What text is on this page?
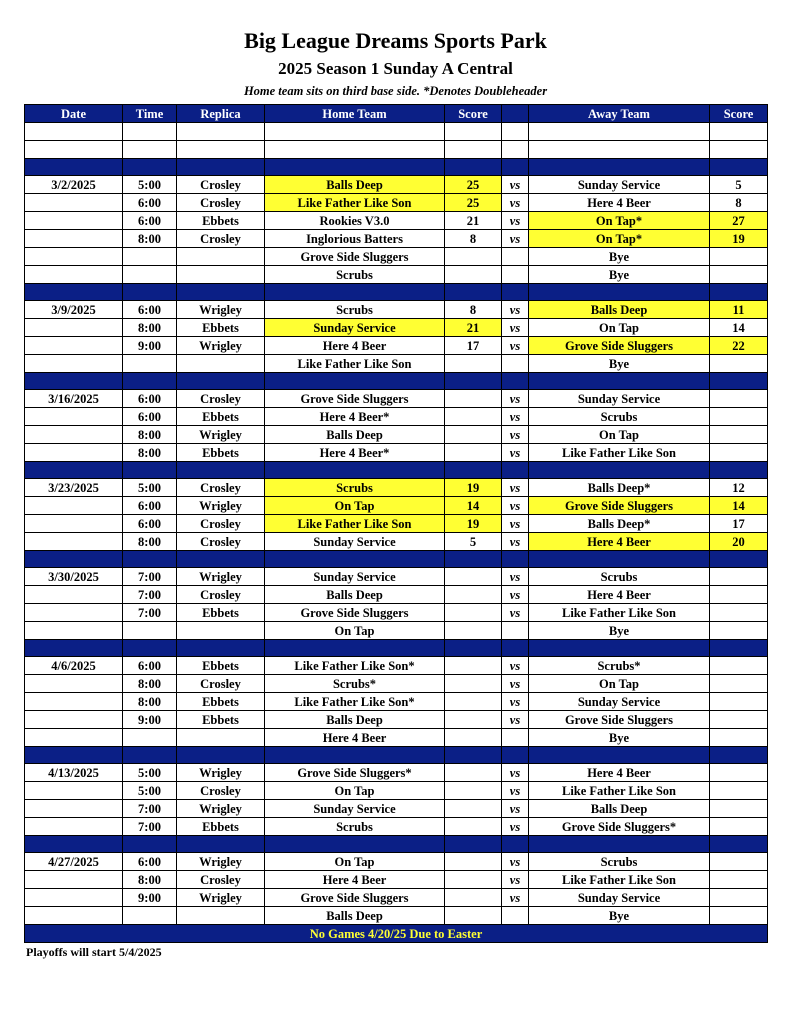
Big League Dreams Sports Park
2025 Season 1 Sunday A Central
Home team sits on third base side. *Denotes Doubleheader
Date	Time	Replica	Home Team	Score		Away Team	Score

3/2/2025	5:00	Crosley	Balls Deep	25	vs	Sunday Service	5
	6:00	Crosley	Like Father Like Son	25	vs	Here 4 Beer	8
	6:00	Ebbets	Rookies V3.0	21	vs	On Tap*	27
	8:00	Crosley	Inglorious Batters	8	vs	On Tap*	19
			Grove Side Sluggers			Bye	
			Scrubs			Bye	

3/9/2025	6:00	Wrigley	Scrubs	8	vs	Balls Deep	11
	8:00	Ebbets	Sunday Service	21	vs	On Tap	14
	9:00	Wrigley	Here 4 Beer	17	vs	Grove Side Sluggers	22
			Like Father Like Son			Bye	

3/16/2025	6:00	Crosley	Grove Side Sluggers		vs	Sunday Service	
	6:00	Ebbets	Here 4 Beer*		vs	Scrubs	
	8:00	Wrigley	Balls Deep		vs	On Tap	
	8:00	Ebbets	Here 4 Beer*		vs	Like Father Like Son	

3/23/2025	5:00	Crosley	Scrubs	19	vs	Balls Deep*	12
	6:00	Wrigley	On Tap	14	vs	Grove Side Sluggers	14
	6:00	Crosley	Like Father Like Son	19	vs	Balls Deep*	17
	8:00	Crosley	Sunday Service	5	vs	Here 4 Beer	20

3/30/2025	7:00	Wrigley	Sunday Service		vs	Scrubs	
	7:00	Crosley	Balls Deep		vs	Here 4 Beer	
	7:00	Ebbets	Grove Side Sluggers		vs	Like Father Like Son	
			On Tap			Bye	

4/6/2025	6:00	Ebbets	Like Father Like Son*		vs	Scrubs*	
	8:00	Crosley	Scrubs*		vs	On Tap	
	8:00	Ebbets	Like Father Like Son*		vs	Sunday Service	
	9:00	Ebbets	Balls Deep		vs	Grove Side Sluggers	
			Here 4 Beer			Bye	

4/13/2025	5:00	Wrigley	Grove Side Sluggers*		vs	Here 4 Beer	
	5:00	Crosley	On Tap		vs	Like Father Like Son	
	7:00	Wrigley	Sunday Service		vs	Balls Deep	
	7:00	Ebbets	Scrubs		vs	Grove Side Sluggers*	

4/27/2025	6:00	Wrigley	On Tap		vs	Scrubs	
	8:00	Crosley	Here 4 Beer		vs	Like Father Like Son	
	9:00	Wrigley	Grove Side Sluggers		vs	Sunday Service	
			Balls Deep			Bye	
No Games 4/20/25 Due to Easter							
Playoffs will start 5/4/2025
